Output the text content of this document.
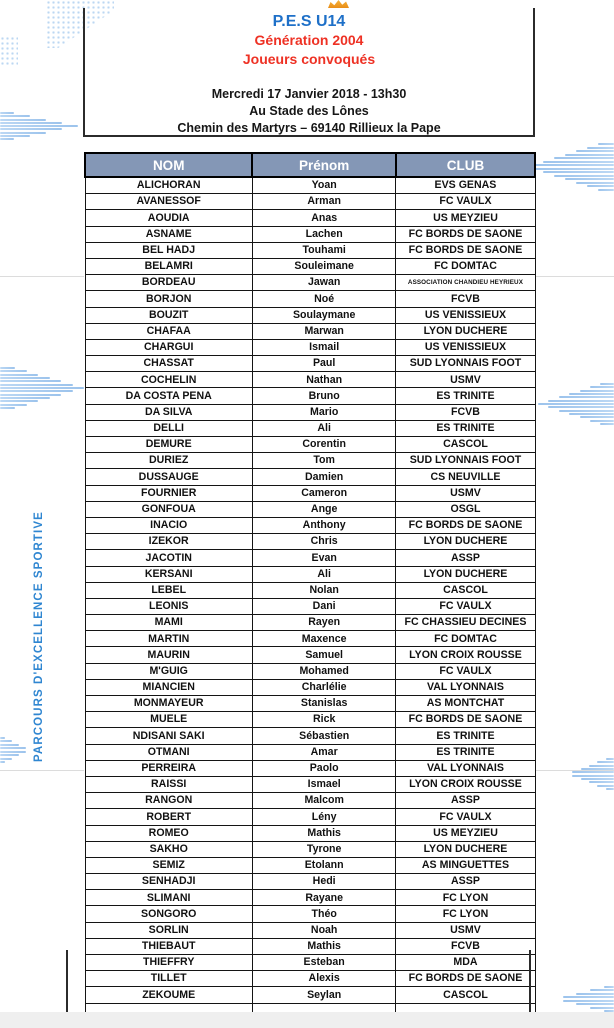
P.E.S U14
Génération 2004
Joueurs convoqués
Mercredi 17 Janvier 2018 - 13h30
Au Stade des Lônes
Chemin des Martyrs – 69140 Rillieux la Pape
PARCOURS D'EXCELLENCE SPORTIVE
NOM	Prénom	CLUB
ALICHORAN	Yoan	EVS GENAS
AVANESSOF	Arman	FC VAULX
AOUDIA	Anas	US MEYZIEU
ASNAME	Lachen	FC BORDS DE SAONE
BEL HADJ	Touhami	FC BORDS DE SAONE
BELAMRI	Souleimane	FC DOMTAC
BORDEAU	Jawan	ASSOCIATION CHANDIEU HEYRIEUX
BORJON	Noé	FCVB
BOUZIT	Soulaymane	US VENISSIEUX
CHAFAA	Marwan	LYON DUCHERE
CHARGUI	Ismail	US VENISSIEUX
CHASSAT	Paul	SUD LYONNAIS FOOT
COCHELIN	Nathan	USMV
DA COSTA PENA	Bruno	ES TRINITE
DA SILVA	Mario	FCVB
DELLI	Ali	ES TRINITE
DEMURE	Corentin	CASCOL
DURIEZ	Tom	SUD LYONNAIS FOOT
DUSSAUGE	Damien	CS NEUVILLE
FOURNIER	Cameron	USMV
GONFOUA	Ange	OSGL
INACIO	Anthony	FC BORDS DE SAONE
IZEKOR	Chris	LYON DUCHERE
JACOTIN	Evan	ASSP
KERSANI	Ali	LYON DUCHERE
LEBEL	Nolan	CASCOL
LEONIS	Dani	FC VAULX
MAMI	Rayen	FC CHASSIEU DECINES
MARTIN	Maxence	FC DOMTAC
MAURIN	Samuel	LYON CROIX ROUSSE
M'GUIG	Mohamed	FC VAULX
MIANCIEN	Charlélie	VAL LYONNAIS
MONMAYEUR	Stanislas	AS MONTCHAT
MUELE	Rick	FC BORDS DE SAONE
NDISANI SAKI	Sébastien	ES TRINITE
OTMANI	Amar	ES TRINITE
PERREIRA	Paolo	VAL LYONNAIS
RAISSI	Ismael	LYON CROIX ROUSSE
RANGON	Malcom	ASSP
ROBERT	Lény	FC VAULX
ROMEO	Mathis	US MEYZIEU
SAKHO	Tyrone	LYON DUCHERE
SEMIZ	Etolann	AS MINGUETTES
SENHADJI	Hedi	ASSP
SLIMANI	Rayane	FC LYON
SONGORO	Théo	FC LYON
SORLIN	Noah	USMV
THIEBAUT	Mathis	FCVB
THIEFFRY	Esteban	MDA
TILLET	Alexis	FC BORDS DE SAONE
ZEKOUME	Seylan	CASCOL
